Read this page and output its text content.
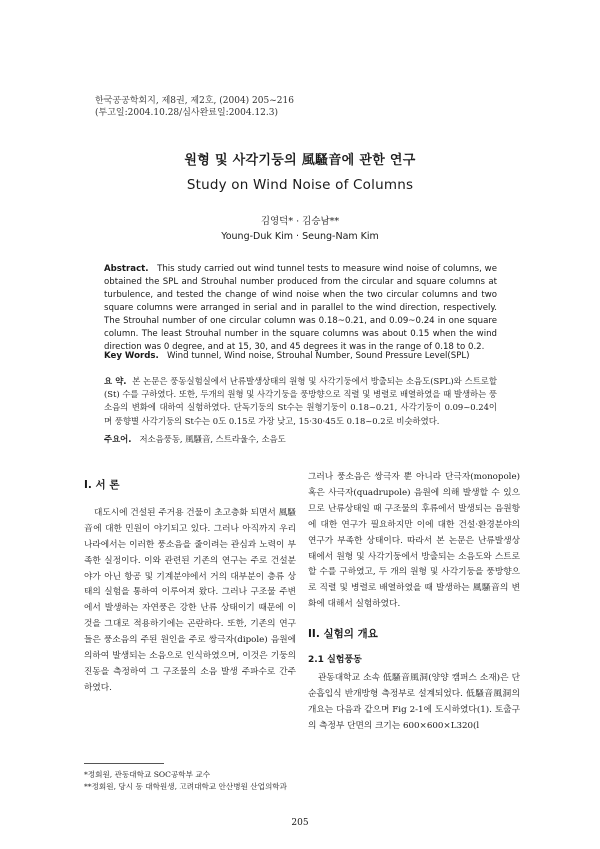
한국공공학회지, 제8권, 제2호, (2004) 205~216
(투고일:2004.10.28/심사완료일:2004.12.3)
원형 및 사각기둥의 風騷音에 관한 연구
Study on Wind Noise of Columns
김영덕* · 김승남**
Young-Duk Kim · Seung-Nam Kim
Abstract. This study carried out wind tunnel tests to measure wind noise of columns, we obtained the SPL and Strouhal number produced from the circular and square columns at turbulence, and tested the change of wind noise when the two circular columns and two square columns were arranged in serial and in parallel to the wind direction, respectively. The Strouhal number of one circular column was 0.18~0.21, and 0.09~0.24 in one square column. The least Strouhal number in the square columns was about 0.15 when the wind direction was 0 degree, and at 15, 30, and 45 degrees it was in the range of 0.18 to 0.2.
Key Words. Wind tunnel, Wind noise, Strouhal Number, Sound Pressure Level(SPL)
요 약. 본 논문은 풍동실험실에서 난류발생상태의 원형 및 사각기둥에서 방출되는 소음도(SPL)와 스트로할(St) 수를 구하였다. 또한, 두개의 원형 및 사각기둥을 풍방향으로 직렬 및 병렬로 배열하였을 때 발생하는 풍소음의 변화에 대하여 실험하였다. 단독기둥의 St수는 원형기둥이 0.18~0.21, 사각기둥이 0.09~0.24이며 풍향별 사각기둥의 St수는 0도 0.15로 가장 낮고, 15·30·45도 0.18~0.2로 비슷하였다.
주요어. 저소음풍동, 風騷音, 스트라울수, 소음도
I. 서 론
대도시에 건설된 주거용 건물이 초고층화 되면서 風騷音에 대한 민원이 야기되고 있다. 그러나 아직까지 우리나라에서는 이러한 풍소음을 줄이려는 관심과 노력이 부족한 실정이다. 이와 관련된 기존의 연구는 주로 건설분야가 아닌 항공 및 기계분야에서 거의 대부분이 층류 상태의 실험을 통하여 이루어져 왔다. 그러나 구조물 주변에서 발생하는 자연풍은 강한 난류 상태이기 때문에 이것을 그대로 적용하기에는 곤란하다. 또한, 기존의 연구들은 풍소음의 주된 원인을 주로 쌍극자(dipole) 음원에 의하여 발생되는 소음으로 인식하였으며, 이것은 기둥의 진동을 측정하여 그 구조물의 소음 발생 주파수로 간주하였다.
*정회원, 관동대학교 SOC공학부 교수
**정회원, 당시 동 대학원생, 고려대학교 안산병원 산업의학과
그러나 풍소음은 쌍극자 뿐 아니라 단극자(monopole) 혹은 사극자(quadrupole) 음원에 의해 발생할 수 있으므로 난류상태일 때 구조물의 후류에서 발생되는 음원항에 대한 연구가 필요하지만 이에 대한 건설·환경분야의 연구가 부족한 상태이다. 따라서 본 논문은 난류발생상태에서 원형 및 사각기둥에서 방출되는 소음도와 스트로할 수를 구하였고, 두 개의 원형 및 사각기둥을 풍방향으로 직렬 및 병렬로 배열하였을 때 발생하는 風騷音의 변화에 대해서 실험하였다.
II. 실험의 개요
2.1 실험풍동
관동대학교 소속 低騷音風洞(양양 캠퍼스 소재)은 단순흡입식 반개방형 측정부로 설계되었다. 低騷音風洞의 개요는 다음과 같으며 Fig 2-1에 도시하였다(1). 토출구의 측정부 단면의 크기는 600×600×L320(l
205
